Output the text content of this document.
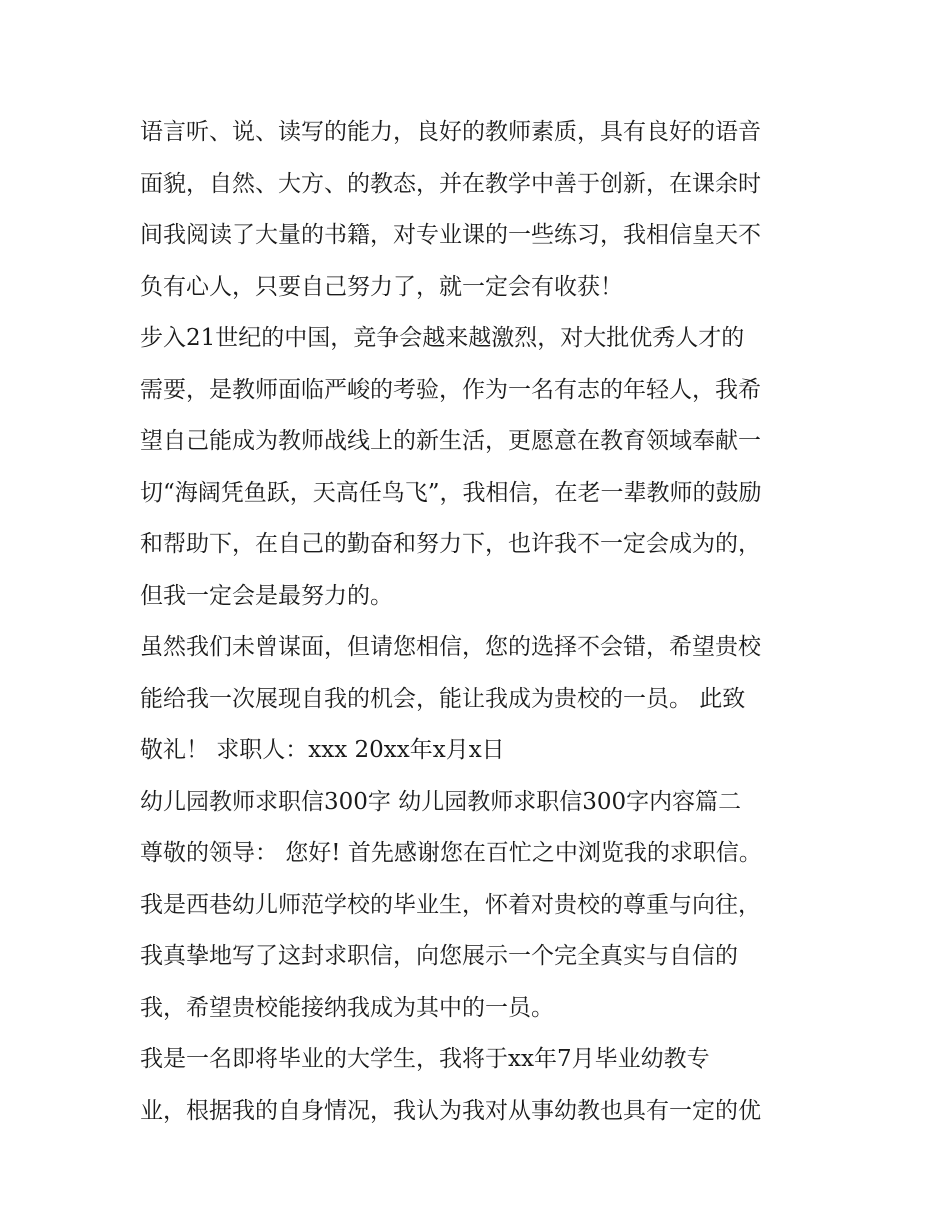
语言听、说、读写的能力，良好的教师素质，具有良好的语音
面貌，自然、大方、的教态，并在教学中善于创新，在课余时
间我阅读了大量的书籍，对专业课的一些练习，我相信皇天不
负有心人，只要自己努力了，就一定会有收获！
步入21世纪的中国，竞争会越来越激烈，对大批优秀人才的
需要，是教师面临严峻的考验，作为一名有志的年轻人，我希
望自己能成为教师战线上的新生活，更愿意在教育领域奉献一
切“海阔凭鱼跃，天高任鸟飞”，我相信，在老一辈教师的鼓励
和帮助下，在自己的勤奋和努力下，也许我不一定会成为的，
但我一定会是最努力的。
虽然我们未曾谋面，但请您相信，您的选择不会错，希望贵校
能给我一次展现自我的机会，能让我成为贵校的一员。 此致
敬礼！ 求职人：xxx 20xx年x月x日
幼儿园教师求职信300字 幼儿园教师求职信300字内容篇二
尊敬的领导： 您好! 首先感谢您在百忙之中浏览我的求职信。
我是西巷幼儿师范学校的毕业生，怀着对贵校的尊重与向往，
我真挚地写了这封求职信，向您展示一个完全真实与自信的
我，希望贵校能接纳我成为其中的一员。
我是一名即将毕业的大学生，我将于xx年7月毕业幼教专
业，根据我的自身情况，我认为我对从事幼教也具有一定的优
